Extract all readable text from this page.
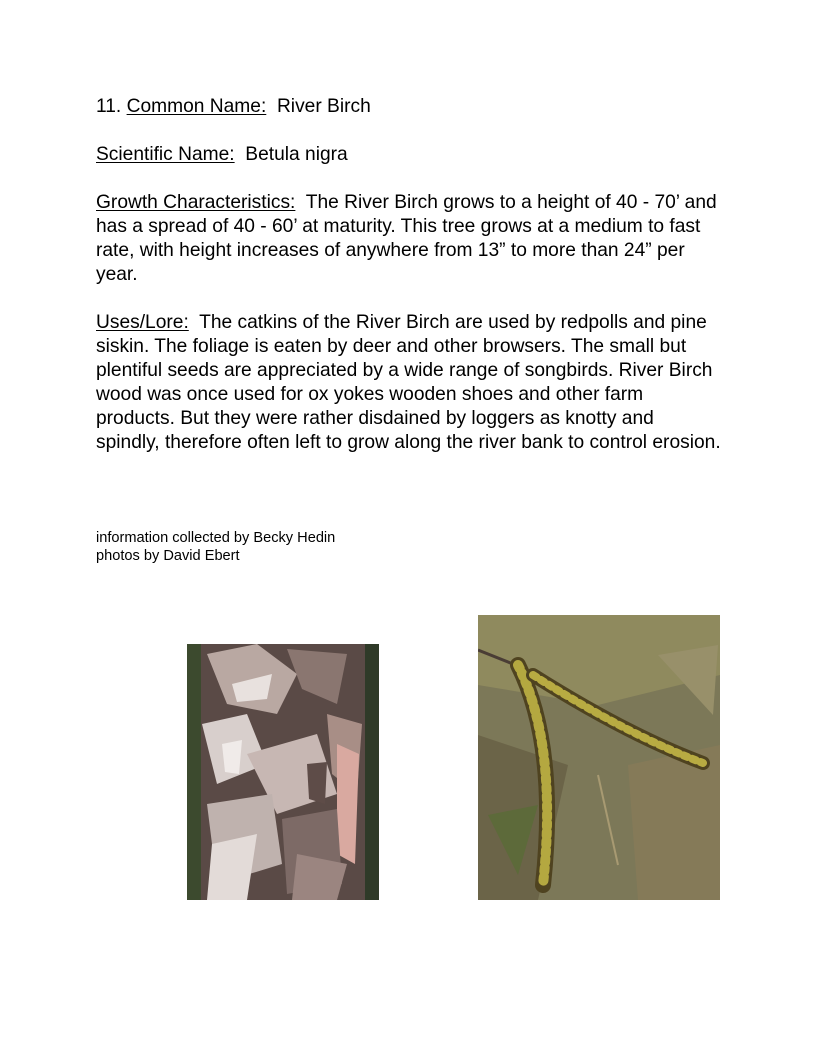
11. Common Name: River Birch

Scientific Name: Betula nigra

Growth Characteristics: The River Birch grows to a height of 40 - 70’ and has a spread of 40 - 60’ at maturity. This tree grows at a medium to fast rate, with height increases of anywhere from 13” to more than 24” per year.

Uses/Lore: The catkins of the River Birch are used by redpolls and pine siskin. The foliage is eaten by deer and other browsers. The small but plentiful seeds are appreciated by a wide range of songbirds. River Birch wood was once used for ox yokes wooden shoes and other farm products. But they were rather disdained by loggers as knotty and spindly, therefore often left to grow along the river bank to control erosion.

information collected by Becky Hedin
photos by David Ebert
